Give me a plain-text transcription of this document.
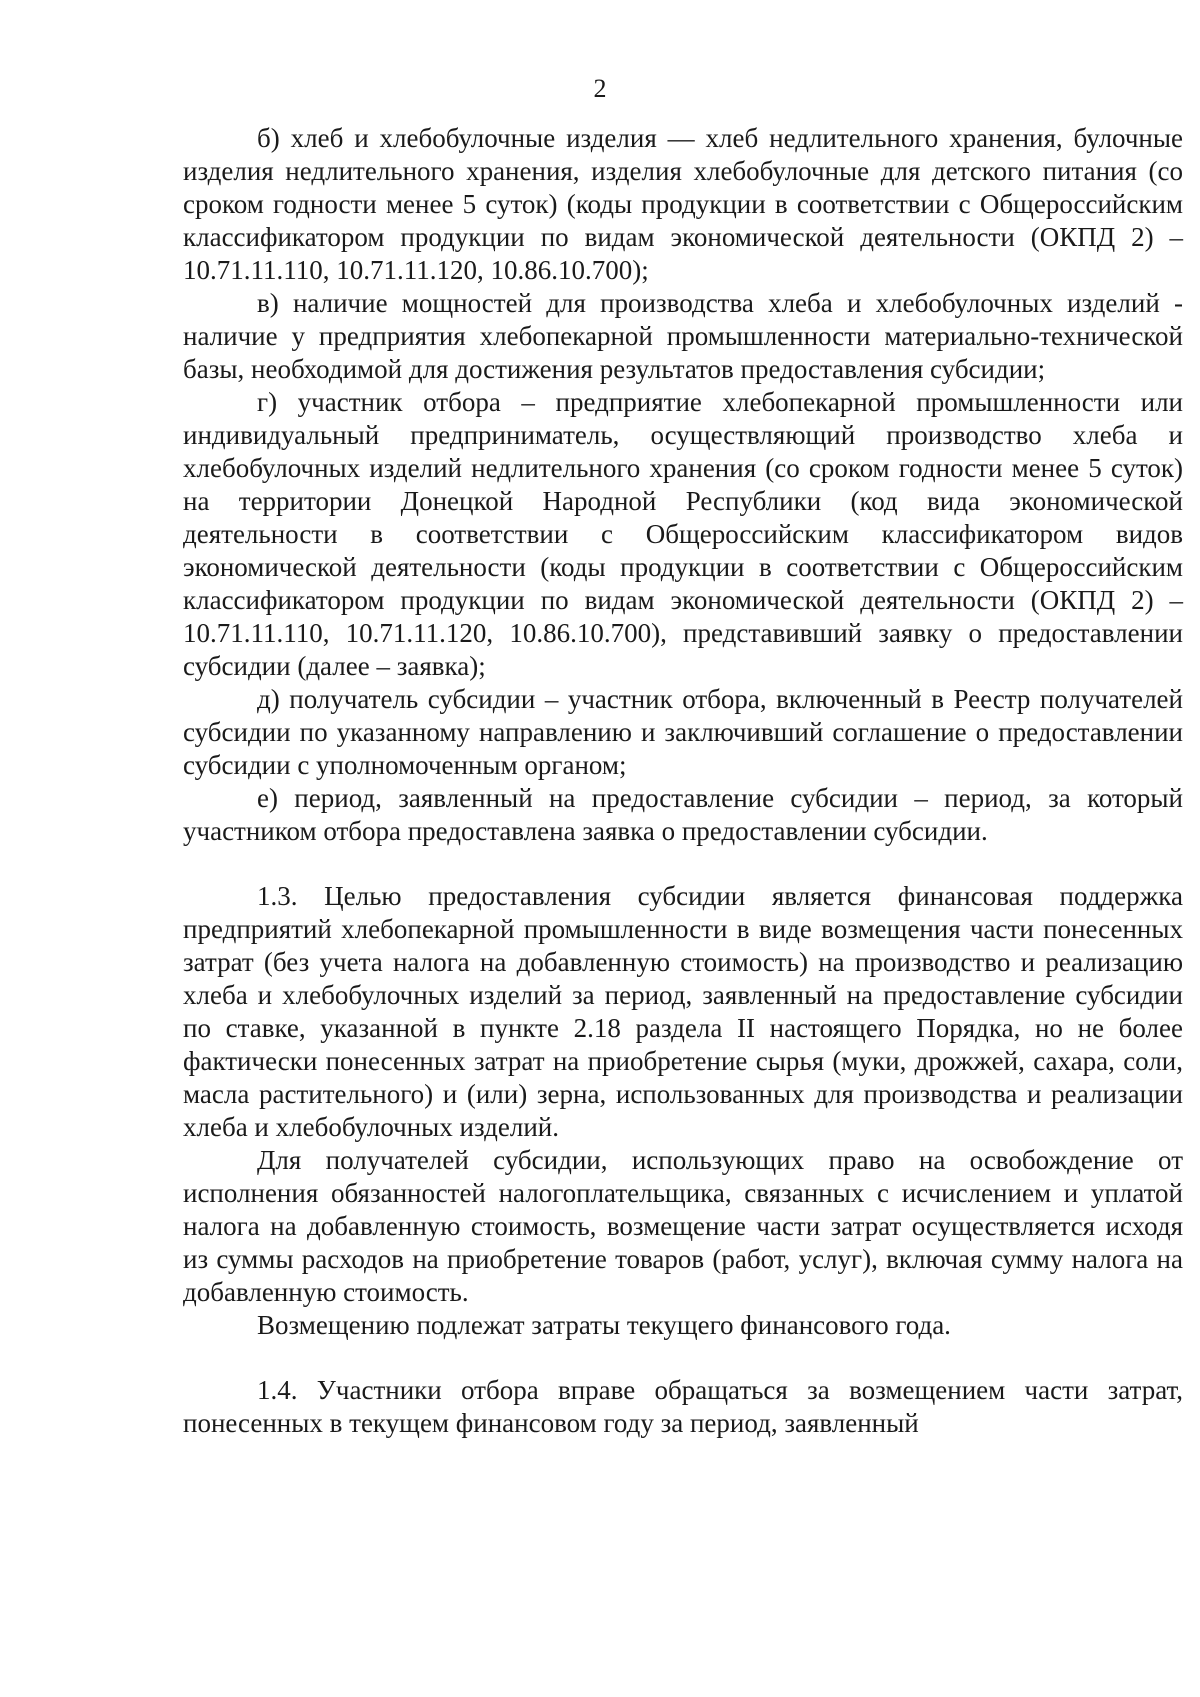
2

б) хлеб и хлебобулочные изделия — хлеб недлительного хранения, булочные изделия недлительного хранения, изделия хлебобулочные для детского питания (со сроком годности менее 5 суток) (коды продукции в соответствии с Общероссийским классификатором продукции по видам экономической деятельности (ОКПД 2) – 10.71.11.110, 10.71.11.120, 10.86.10.700);

в) наличие мощностей для производства хлеба и хлебобулочных изделий - наличие у предприятия хлебопекарной промышленности материально-технической базы, необходимой для достижения результатов предоставления субсидии;

г) участник отбора – предприятие хлебопекарной промышленности или индивидуальный предприниматель, осуществляющий производство хлеба и хлебобулочных изделий недлительного хранения (со сроком годности менее 5 суток) на территории Донецкой Народной Республики (код вида экономической деятельности в соответствии с Общероссийским классификатором видов экономической деятельности (коды продукции в соответствии с Общероссийским классификатором продукции по видам экономической деятельности (ОКПД 2) – 10.71.11.110, 10.71.11.120, 10.86.10.700), представивший заявку о предоставлении субсидии (далее – заявка);

д) получатель субсидии – участник отбора, включенный в Реестр получателей субсидии по указанному направлению и заключивший соглашение о предоставлении субсидии с уполномоченным органом;

е) период, заявленный на предоставление субсидии – период, за который участником отбора предоставлена заявка о предоставлении субсидии.

1.3. Целью предоставления субсидии является финансовая поддержка предприятий хлебопекарной промышленности в виде возмещения части понесенных затрат (без учета налога на добавленную стоимость) на производство и реализацию хлеба и хлебобулочных изделий за период, заявленный на предоставление субсидии по ставке, указанной в пункте 2.18 раздела II настоящего Порядка, но не более фактически понесенных затрат на приобретение сырья (муки, дрожжей, сахара, соли, масла растительного) и (или) зерна, использованных для производства и реализации хлеба и хлебобулочных изделий.

Для получателей субсидии, использующих право на освобождение от исполнения обязанностей налогоплательщика, связанных с исчислением и уплатой налога на добавленную стоимость, возмещение части затрат осуществляется исходя из суммы расходов на приобретение товаров (работ, услуг), включая сумму налога на добавленную стоимость.

Возмещению подлежат затраты текущего финансового года.

1.4. Участники отбора вправе обращаться за возмещением части затрат, понесенных в текущем финансовом году за период, заявленный
